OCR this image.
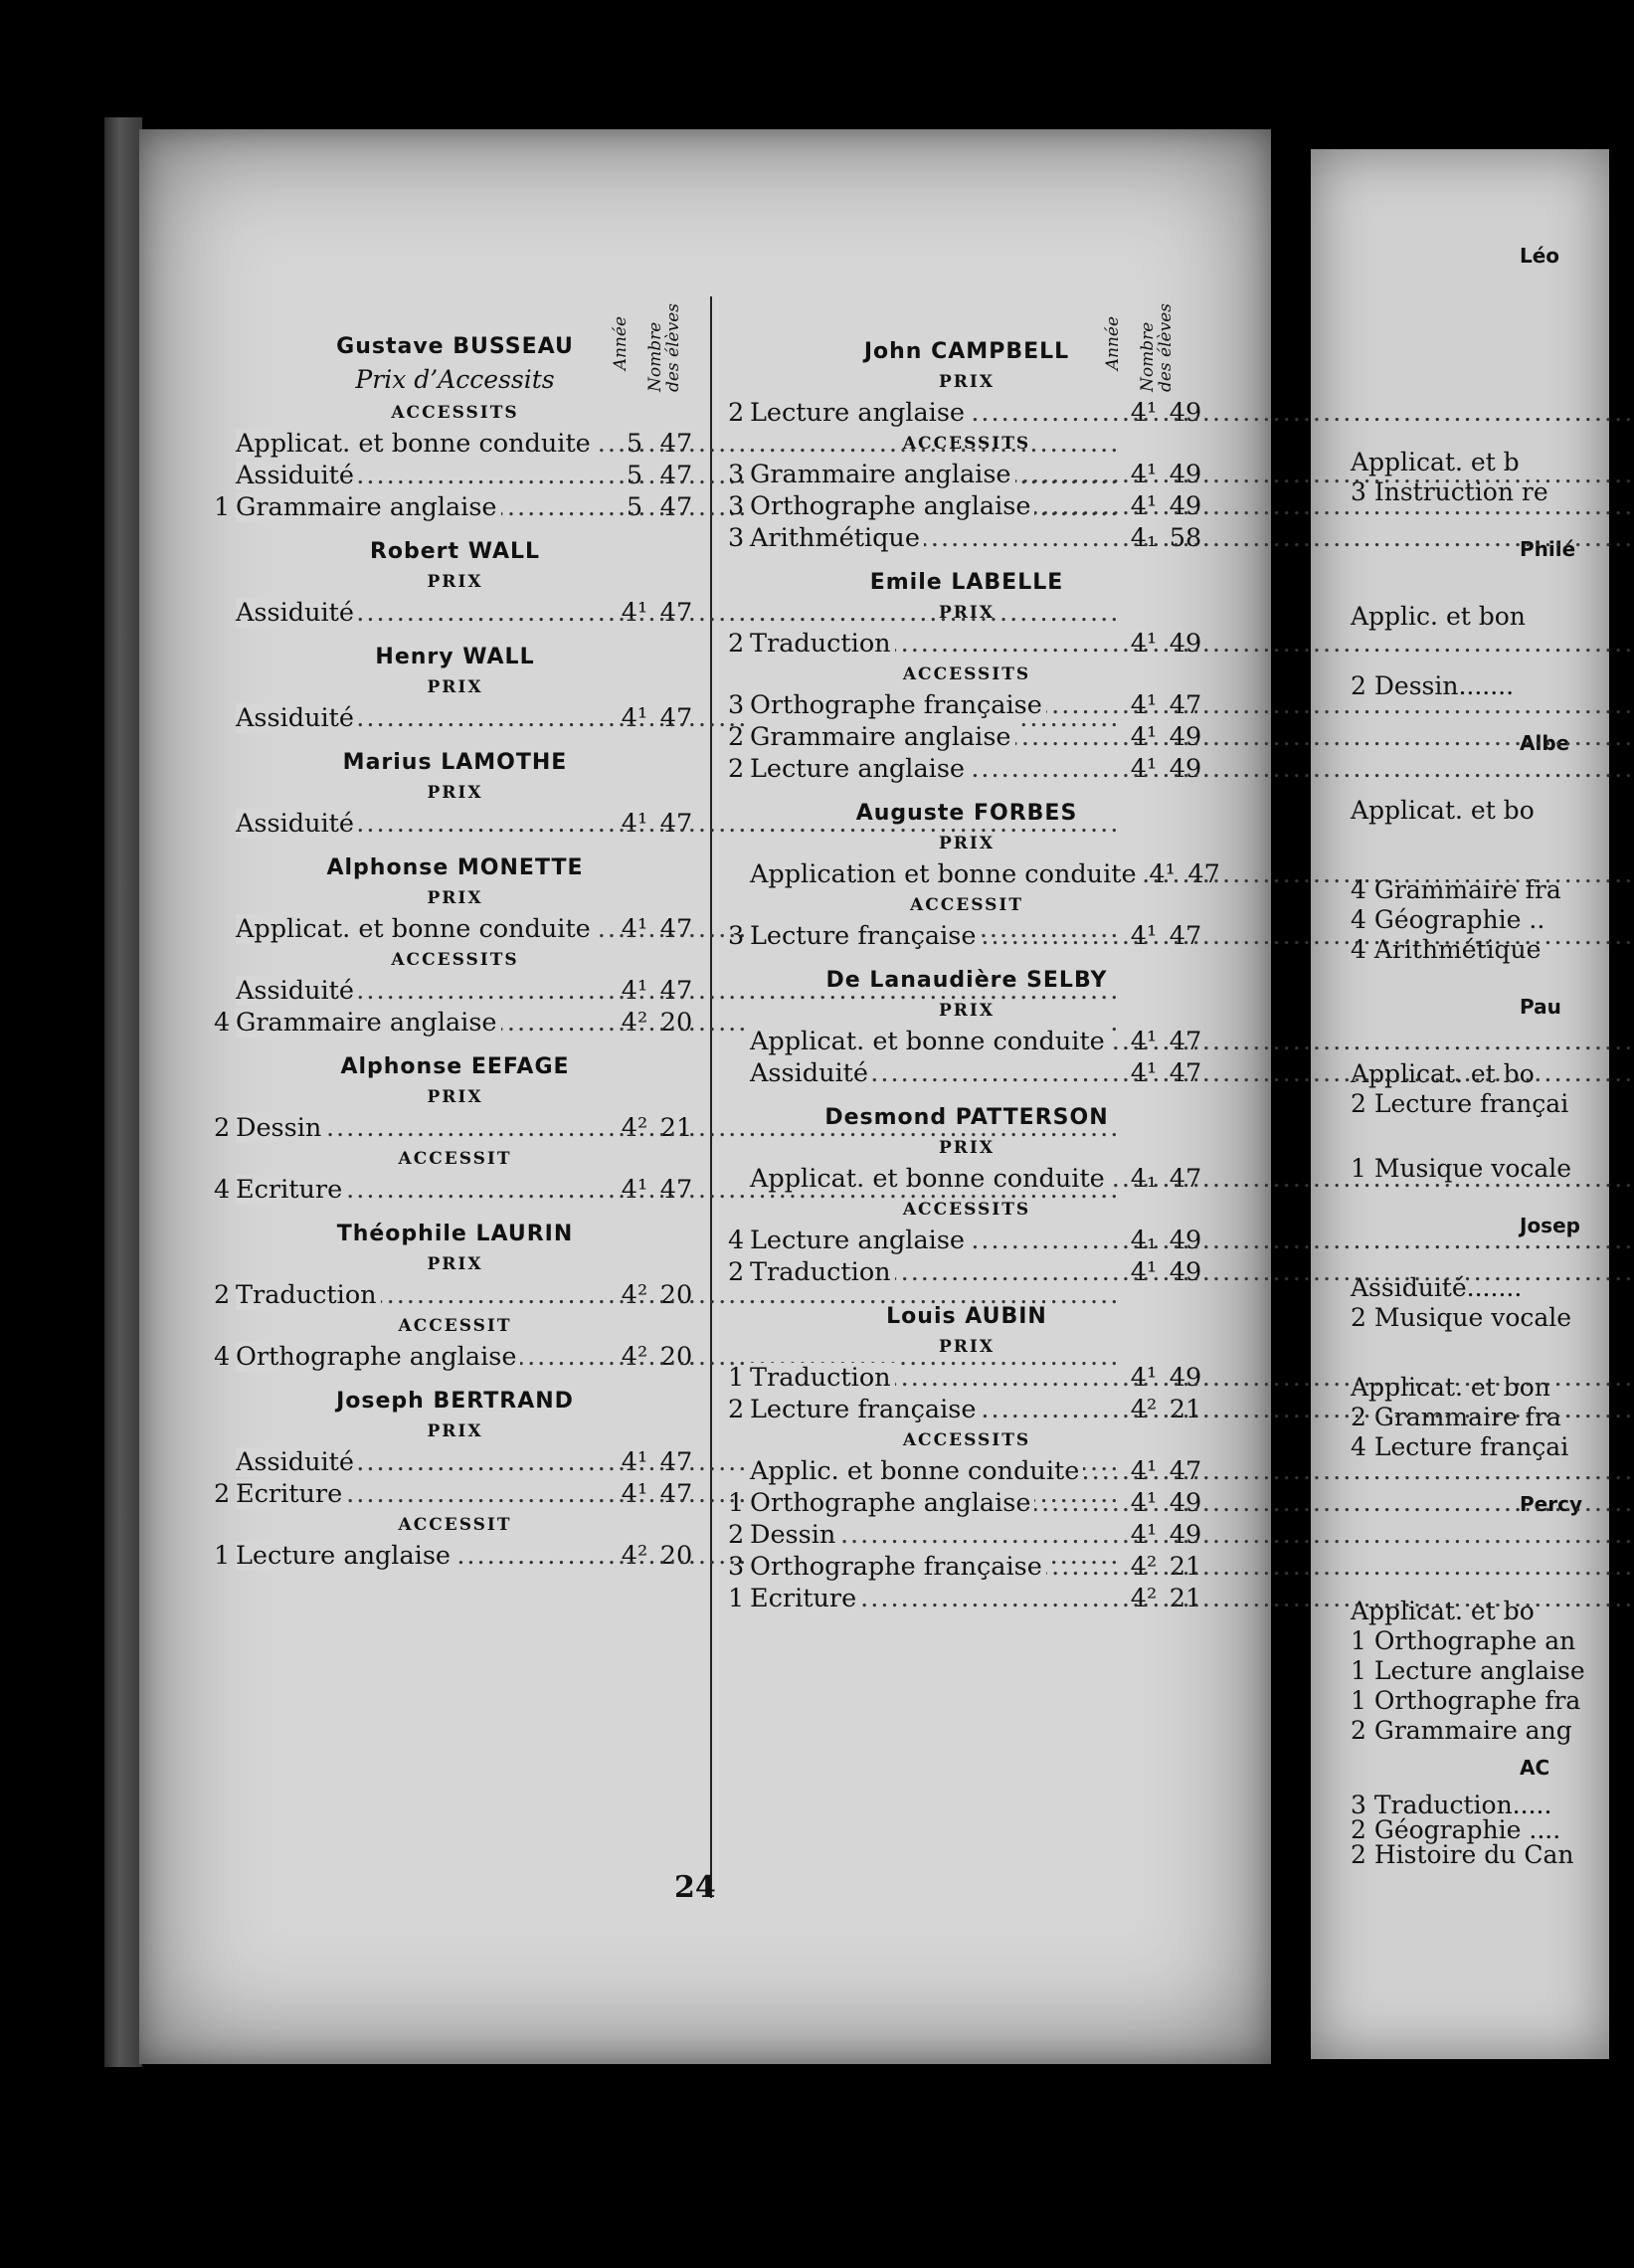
Léo
Applicat. et b
3 Instruction re
Philé
Applic. et bon
2 Dessin.......
Albe
Applicat. et bo
4 Grammaire fra
4 Géographie ..
4 Arithmétique
Pau
Applicat. et bo
2 Lecture françai
1 Musique vocale
Josep
Assiduité.......
2 Musique vocale
Applicat. et bon
2 Grammaire fra
4 Lecture françai
Percy
Applicat. et bo
1 Orthographe an
1 Lecture anglaise
1 Orthographe fra
2 Grammaire ang
AC
3 Traduction.....
2 Géographie ....
2 Histoire du Can
Année Nombre
des élèves	Année Nombre
des élèves
Gustave BUSSEAU
Prix d’Accessits
ACCESSITS
Applicat. et bonne conduite .....	5 47
Assiduité .....	5 47
1 Grammaire anglaise .....	5 47
Robert WALL
PRIX
Assiduité .....	4¹ 47
Henry WALL
PRIX
Assiduité .....	4¹ 47
Marius LAMOTHE
PRIX
Assiduité .....	4¹ 47
Alphonse MONETTE
PRIX
Applicat. et bonne conduite .....	4¹ 47
ACCESSITS
Assiduité .....	4¹ 47
4 Grammaire anglaise .....	4² 20
Alphonse EEFAGE
PRIX
2 Dessin .....	4² 21
ACCESSIT
4 Ecriture .....	4¹ 47
Théophile LAURIN
PRIX
2 Traduction .....	4² 20
ACCESSIT
4 Orthographe anglaise .....	4² 20
Joseph BERTRAND
PRIX
Assiduité .....	4¹ 47
2 Ecriture .....	4¹ 47
ACCESSIT
1 Lecture anglaise .....	4² 20
John CAMPBELL
PRIX
2 Lecture anglaise .....	4¹ 49
ACCESSITS
3 Grammaire anglaise .....	4¹ 49
3 Orthographe anglaise .....	4¹ 49
3 Arithmétique .....	4₁ 58
Emile LABELLE
PRIX
2 Traduction .....	4¹ 49
ACCESSITS
3 Orthographe française .....	4¹ 47
2 Grammaire anglaise .....	4¹ 49
2 Lecture anglaise .....	4¹ 49
Auguste FORBES
PRIX
Application et bonne conduite ..... 4¹ 47
ACCESSIT
3 Lecture française .....	4¹ 47
De Lanaudière SELBY
PRIX
Applicat. et bonne conduite .....	4¹ 47
Assiduité .....	4¹ 47
Desmond PATTERSON
PRIX
Applicat. et bonne conduite .....	4₁ 47
ACCESSITS
4 Lecture anglaise .....	4₁ 49
2 Traduction .....	4¹ 49
Louis AUBIN
PRIX
1 Traduction .....	4¹ 49
2 Lecture française .....	4² 21
ACCESSITS
Applic. et bonne conduite .....	4¹ 47
1 Orthographe anglaise .....	4¹ 49
2 Dessin .....	4¹ 49
3 Orthographe française .....	4² 21
1 Ecriture .....	4² 21
24
